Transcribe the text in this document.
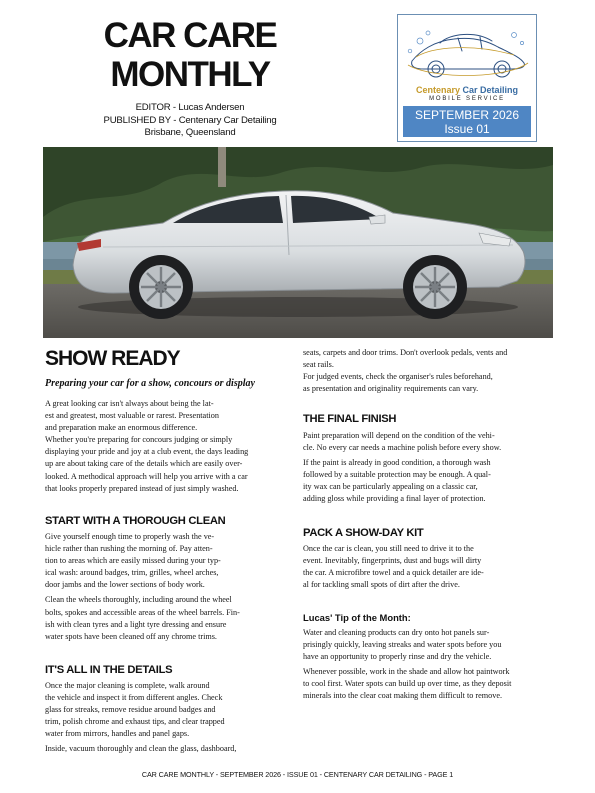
CAR CARE
MONTHLY
EDITOR - Lucas Andersen
PUBLISHED BY - Centenary Car Detailing
Brisbane, Queensland
Centenary Car Detailing
MOBILE SERVICE
SEPTEMBER 2026
Issue 01
SHOW READY
Preparing your car for a show, concours or display

A great looking car isn't always about being the lat-

est and greatest, most valuable or rarest. Presentation

and preparation make an enormous difference.

Whether you're preparing for concours judging or simply

displaying your pride and joy at a club event, the days leading

up are about taking care of the details which are easily over-

looked. A methodical approach will help you arrive with a car

that looks properly prepared instead of just simply washed.

START WITH A THOROUGH CLEAN

Give yourself enough time to properly wash the ve-

hicle rather than rushing the morning of. Pay atten-

tion to areas which are easily missed during your typ-

ical wash: around badges, trim, grilles, wheel arches,

door jambs and the lower sections of body work.

Clean the wheels thoroughly, including around the wheel

bolts, spokes and accessible areas of the wheel barrels. Fin-

ish with clean tyres and a light tyre dressing and ensure

water spots have been cleaned off any chrome trims.

IT'S ALL IN THE DETAILS

Once the major cleaning is complete, walk around

the vehicle and inspect it from different angles. Check

glass for streaks, remove residue around badges and

trim, polish chrome and exhaust tips, and clear trapped

water from mirrors, handles and panel gaps.

Inside, vacuum thoroughly and clean the glass, dashboard,

seats, carpets and door trims. Don't overlook pedals, vents and

seat rails.

For judged events, check the organiser's rules beforehand,

as presentation and originality requirements can vary.

THE FINAL FINISH

Paint preparation will depend on the condition of the vehi-

cle. No every car needs a machine polish before every show.

If the paint is already in good condition, a thorough wash

followed by a suitable protection may be enough. A qual-

ity wax can be particularly appealing on a classic car,

adding gloss while providing a final layer of protection.

PACK A SHOW-DAY KIT

Once the car is clean, you still need to drive it to the

event. Inevitably, fingerprints, dust and bugs will dirty

the car. A microfibre towel and a quick detailer are ide-

al for tackling small spots of dirt after the drive.

Lucas' Tip of the Month:

Water and cleaning products can dry onto hot panels sur-

prisingly quickly, leaving streaks and water spots before you

have an opportunity to properly rinse and dry the vehicle.

Whenever possible, work in the shade and allow hot paintwork

to cool first. Water spots can build up over time, as they deposit

minerals into the clear coat making them difficult to remove.

CAR CARE MONTHLY - SEPTEMBER 2026 - ISSUE 01 - CENTENARY CAR DETAILING - PAGE 1
